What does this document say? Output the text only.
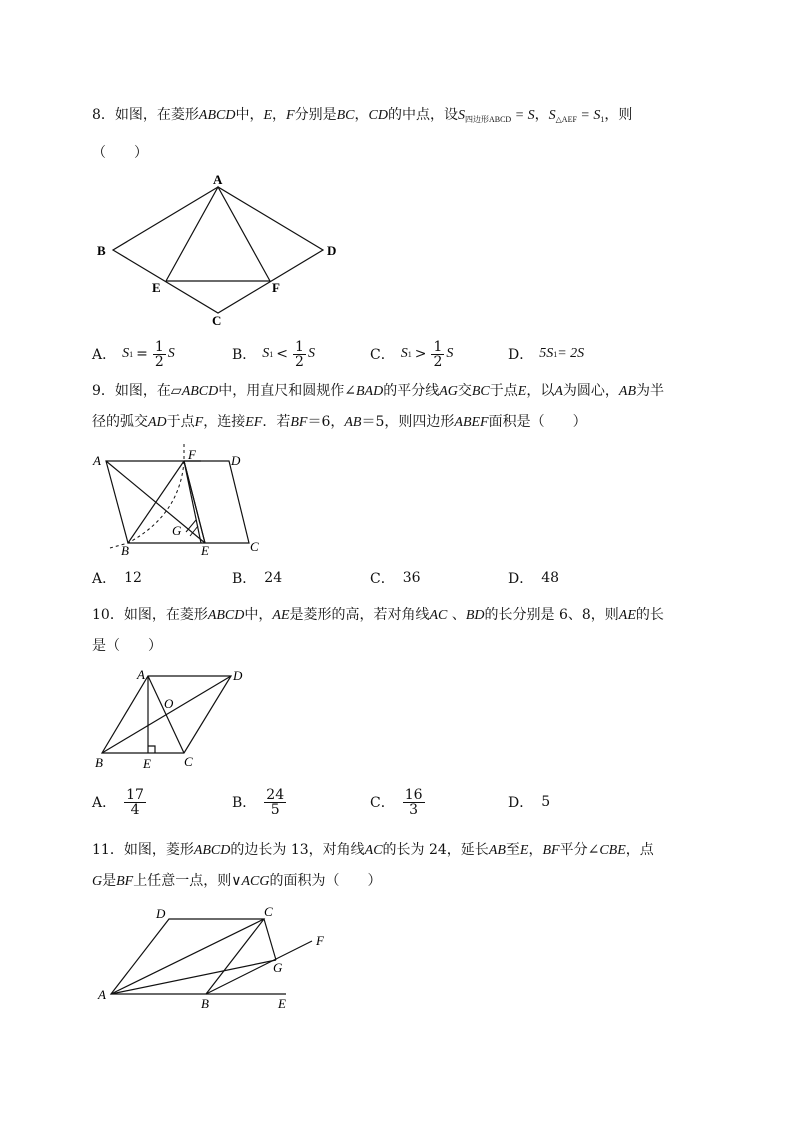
8．如图，在菱形ABCD中，E，F分别是BC，CD的中点，设$S_{四边形ABCD} = S$，$S_{\triangle AEF} = S_1$，则
（　　）
A
B
C
D
E	F
A． S $1 = \frac{1}{2}$ S	B． S $1 < \frac{1}{2}$ S	C． S $1 > \frac{1}{2}$ S	D． 5S 1 = 2S
9．如图，在▱ABCD中，用直尺和圆规作∠BAD的平分线AG交BC于点E，以A为圆心，AB为半
径的弧交AD于点F，连接EF．若BF＝6，AB＝5，则四边形ABEF面积是（　　）
A
B	C
D
E
F
G
A． 12	B． 24	C． 36	D． 48
10．如图，在菱形ABCD中，AE是菱形的高，若对角线AC 、BD的长分别是 6、8，则AE的长
是（　　）
A
B	C
D
E
O
A． $\frac{17}{4}$	B． $\frac{24}{5}$	C． $\frac{16}{3}$	D． 5
11．如图，菱形ABCD的边长为 13，对角线AC的长为 24，延长AB至E，BF平分∠CBE，点
G是BF上任意一点，则∨ACG的面积为（　　）
A
B
C
D
E
F
G
